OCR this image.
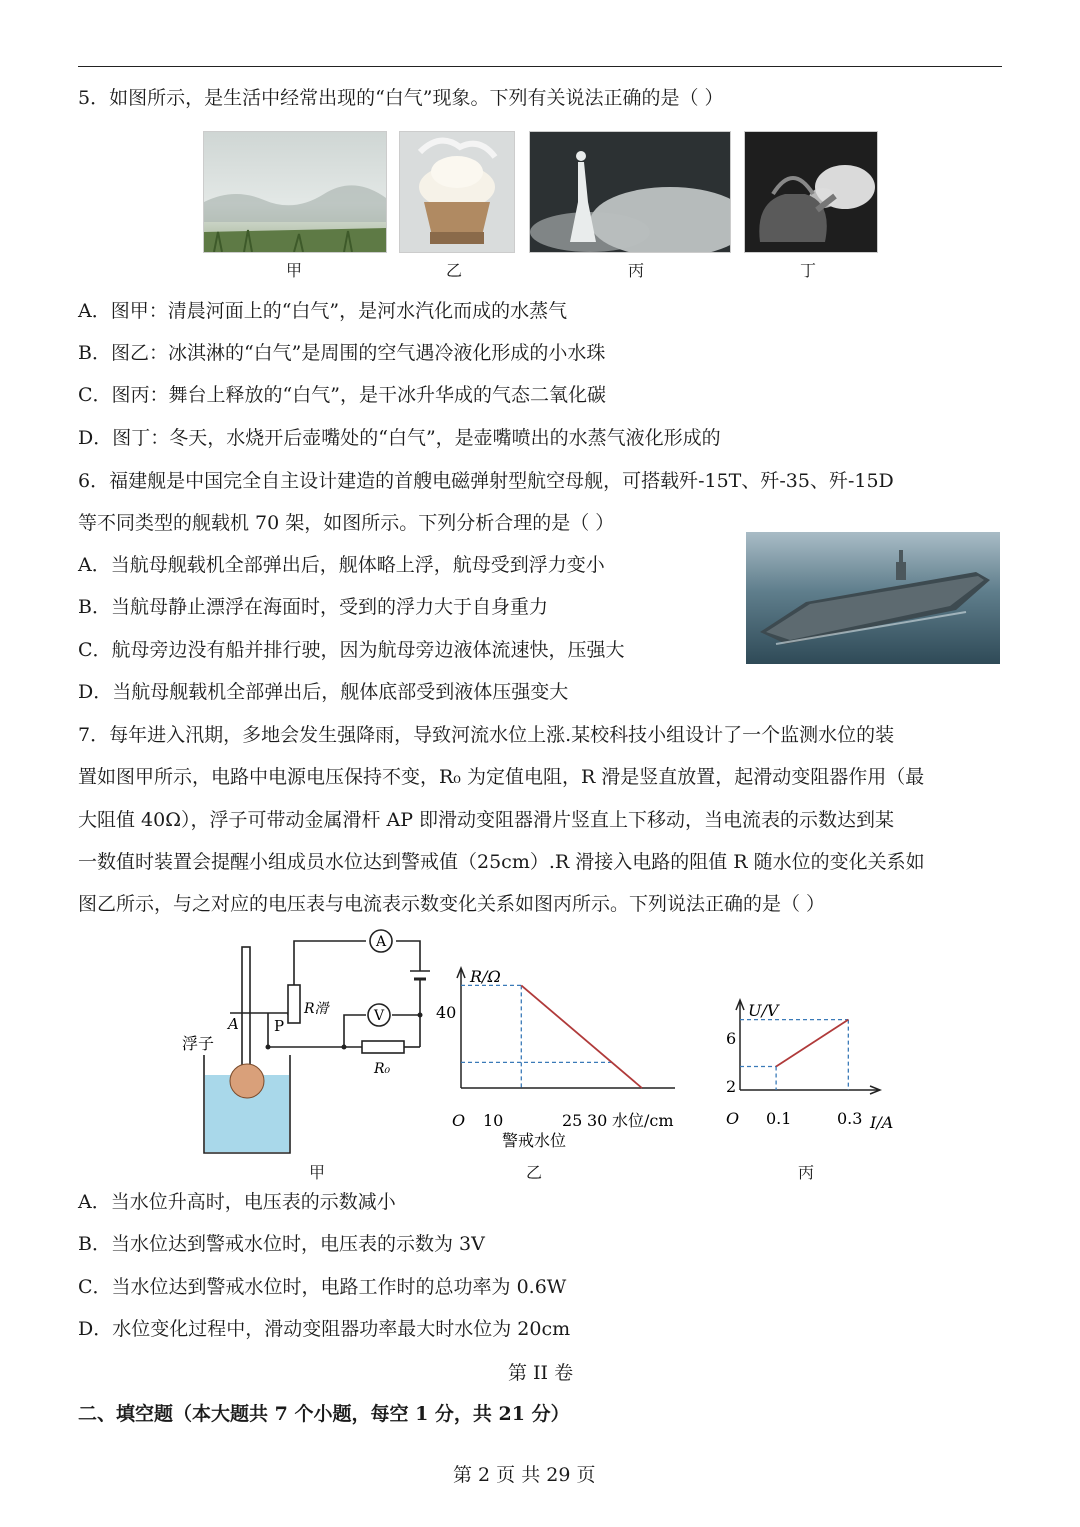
5．如图所示，是生活中经常出现的“白气”现象。下列有关说法正确的是（ ）
甲	乙	丙	丁
A．图甲：清晨河面上的“白气”，是河水汽化而成的水蒸气
B．图乙：冰淇淋的“白气”是周围的空气遇冷液化形成的小水珠
C．图丙：舞台上释放的“白气”，是干冰升华成的气态二氧化碳
D．图丁：冬天，水烧开后壶嘴处的“白气”，是壶嘴喷出的水蒸气液化形成的
6．福建舰是中国完全自主设计建造的首艘电磁弹射型航空母舰，可搭载歼-15T、歼-35、歼-15D
等不同类型的舰载机 70 架，如图所示。下列分析合理的是（ ）
A．当航母舰载机全部弹出后，舰体略上浮，航母受到浮力变小
B．当航母静止漂浮在海面时，受到的浮力大于自身重力
C．航母旁边没有船并排行驶，因为航母旁边液体流速快，压强大
D．当航母舰载机全部弹出后，舰体底部受到液体压强变大
7．每年进入汛期，多地会发生强降雨，导致河流水位上涨.某校科技小组设计了一个监测水位的装
置如图甲所示，电路中电源电压保持不变，R₀ 为定值电阻，R 滑是竖直放置，起滑动变阻器作用（最
大阻值 40Ω），浮子可带动金属滑杆 AP 即滑动变阻器滑片竖直上下移动，当电流表的示数达到某
一数值时装置会提醒小组成员水位达到警戒值（25cm）.R 滑接入电路的阻值 R 随水位的变化关系如
图乙所示，与之对应的电压表与电流表示数变化关系如图丙所示。下列说法正确的是（ ）
A
V
A P
R滑
R₀
浮子
甲
R/Ω
O
40
10	25 30 水位/cm
警戒水位
乙
U/V
O
6
2
0.1	0.3 I/A
丙
A．当水位升高时，电压表的示数减小
B．当水位达到警戒水位时，电压表的示数为 3V
C．当水位达到警戒水位时，电路工作时的总功率为 0.6W
D．水位变化过程中，滑动变阻器功率最大时水位为 20cm
第 II 卷
二、填空题（本大题共 7 个小题，每空 1 分，共 21 分）
第 2 页 共 29 页
